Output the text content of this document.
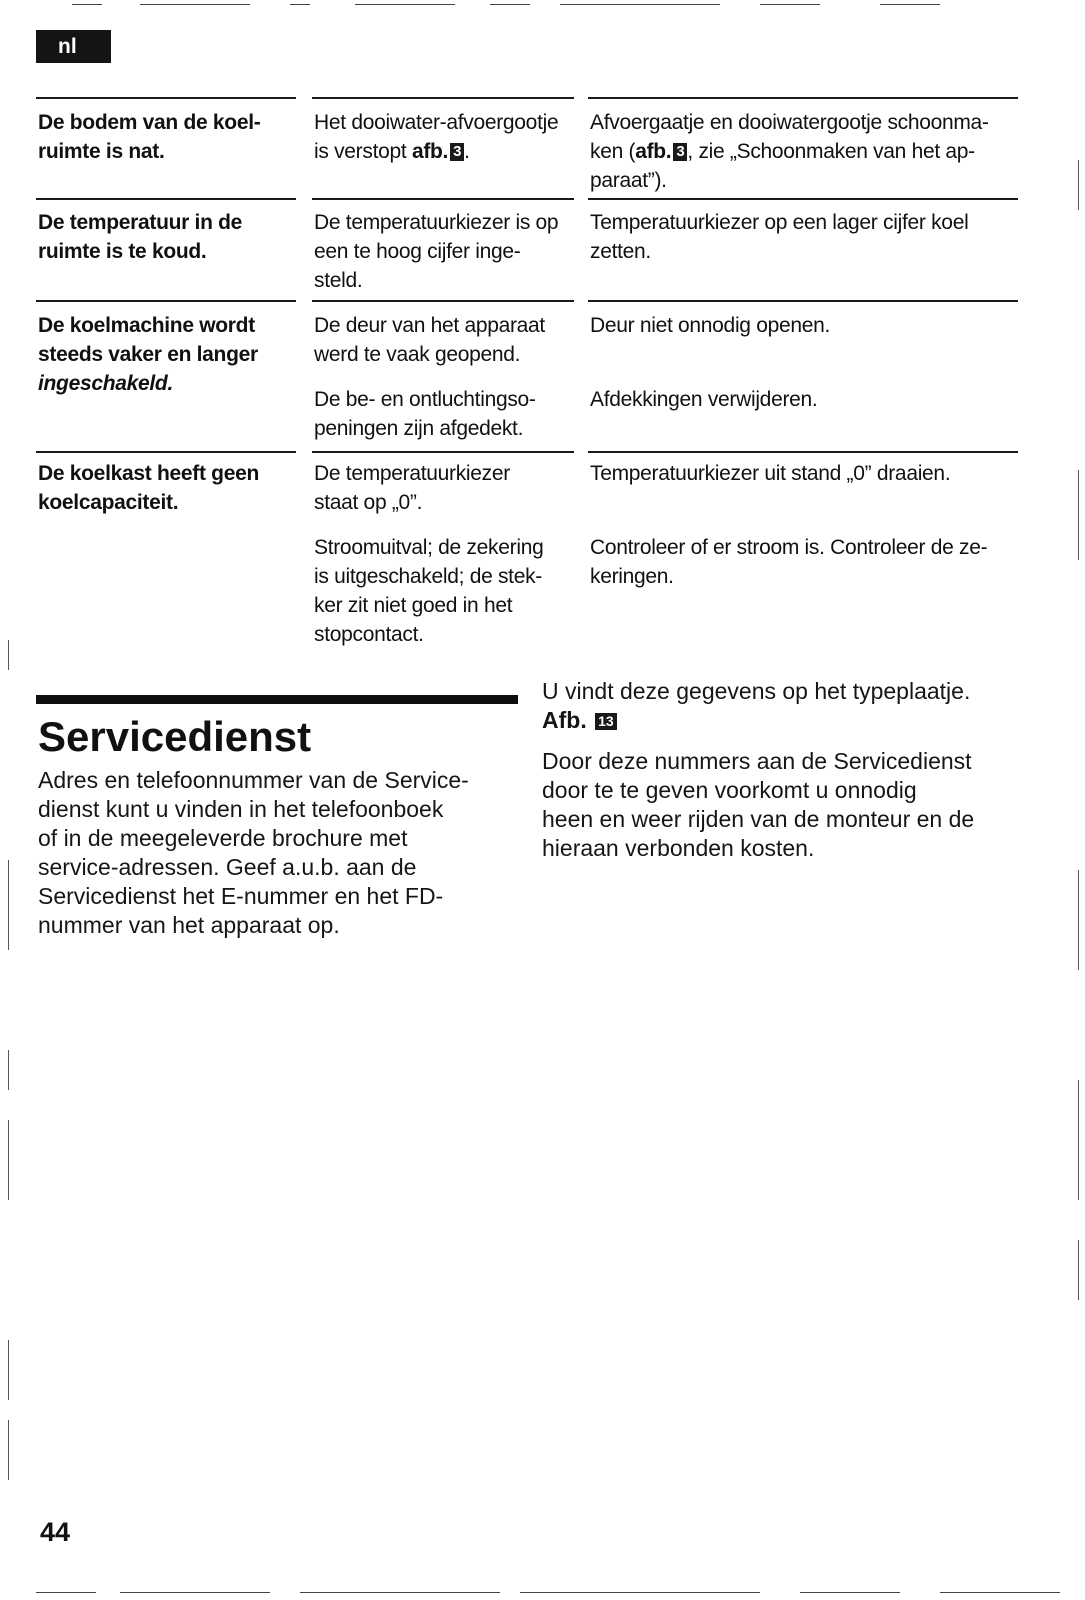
nl
De bodem van de koel-
ruimte is nat.
Het dooiwater-afvoergootje
is verstopt afb. 3 .
Afvoergaatje en dooiwatergootje schoonma-
ken (afb. 3 , zie „Schoonmaken van het ap-
paraat”).
De temperatuur in de
ruimte is te koud.
De temperatuurkiezer is op
een te hoog cijfer inge-
steld.
Temperatuurkiezer op een lager cijfer koel
zetten.
De koelmachine wordt
steeds vaker en langer
ingeschakeld.
De deur van het apparaat
werd te vaak geopend.
Deur niet onnodig openen.
De be- en ontluchtingso-
peningen zijn afgedekt.
Afdekkingen verwijderen.
De koelkast heeft geen
koelcapaciteit.
De temperatuurkiezer
staat op „0”.
Temperatuurkiezer uit stand „0” draaien.
Stroomuitval; de zekering
is uitgeschakeld; de stek-
ker zit niet goed in het
stopcontact.
Controleer of er stroom is. Controleer de ze-
keringen.
Servicedienst
Adres en telefoonnummer van de Service-
dienst kunt u vinden in het telefoonboek
of in de meegeleverde brochure met
service-adressen. Geef a.u.b. aan de
Servicedienst het E-nummer en het FD-
nummer van het apparaat op.
U vindt deze gegevens op het typeplaatje.
Afb. 13
Door deze nummers aan de Servicedienst
door te te geven voorkomt u onnodig
heen en weer rijden van de monteur en de
hieraan verbonden kosten.
44
